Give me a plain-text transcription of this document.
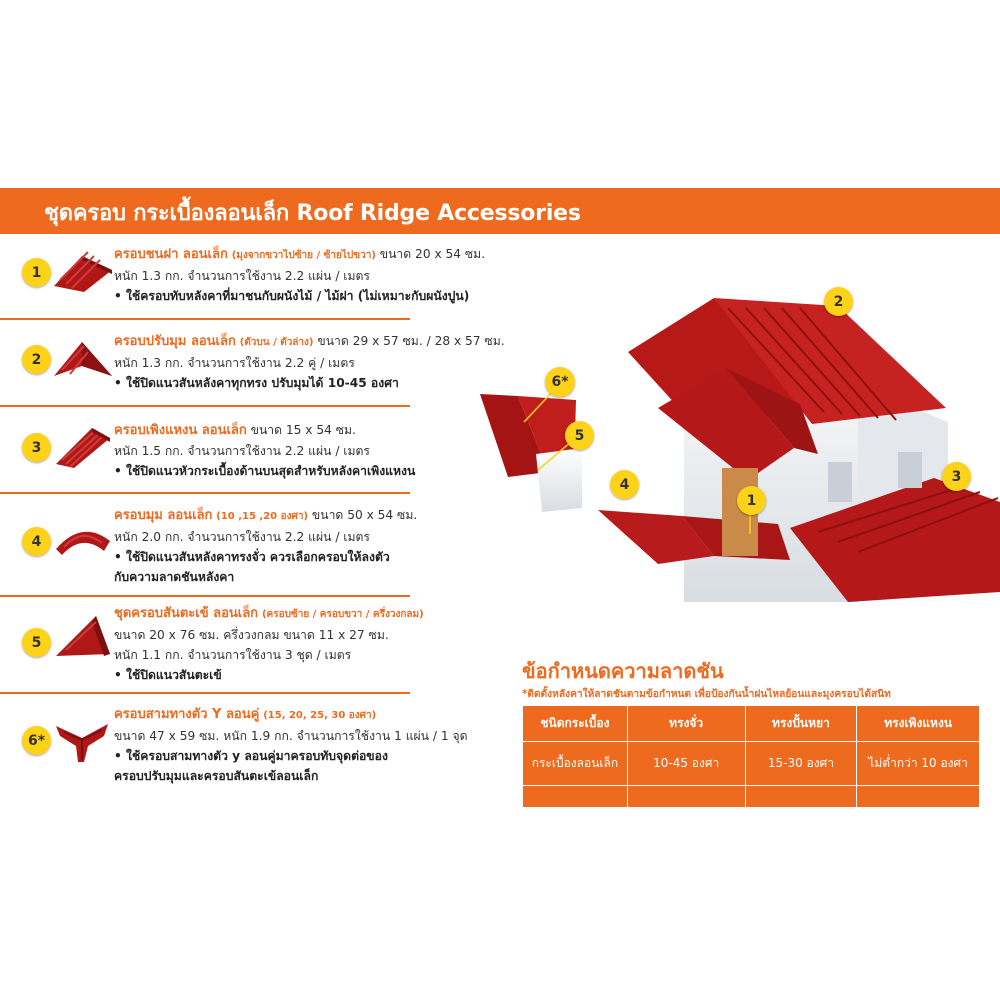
ชุดครอบ กระเบื้องลอนเล็ก Roof Ridge Accessories
1
ครอบชนฝา ลอนเล็ก (มุงจากขวาไปซ้าย / ซ้ายไปขวา) ขนาด 20 x 54 ซม.
หนัก 1.3 กก. จำนวนการใช้งาน 2.2 แผ่น / เมตร
• ใช้ครอบทับหลังคาที่มาชนกับผนังไม้ / ไม้ฝา (ไม่เหมาะกับผนังปูน)
2
ครอบปรับมุม ลอนเล็ก (ตัวบน / ตัวล่าง) ขนาด 29 x 57 ซม. / 28 x 57 ซม.
หนัก 1.3 กก. จำนวนการใช้งาน 2.2 คู่ / เมตร
• ใช้ปิดแนวสันหลังคาทุกทรง ปรับมุมได้ 10-45 องศา
3
ครอบเพิงแหงน ลอนเล็ก ขนาด 15 x 54 ซม.
หนัก 1.5 กก. จำนวนการใช้งาน 2.2 แผ่น / เมตร
• ใช้ปิดแนวหัวกระเบื้องด้านบนสุดสำหรับหลังคาเพิงแหงน
4
ครอบมุม ลอนเล็ก (10 ,15 ,20 องศา) ขนาด 50 x 54 ซม.
หนัก 2.0 กก. จำนวนการใช้งาน 2.2 แผ่น / เมตร
• ใช้ปิดแนวสันหลังคาทรงจั่ว ควรเลือกครอบให้ลงตัว
กับความลาดชันหลังคา
5
ชุดครอบสันตะเข้ ลอนเล็ก (ครอบซ้าย / ครอบขวา / ครึ่งวงกลม)
ขนาด 20 x 76 ซม. ครึ่งวงกลม ขนาด 11 x 27 ซม.
หนัก 1.1 กก. จำนวนการใช้งาน 3 ชุด / เมตร
• ใช้ปิดแนวสันตะเข้
6*
ครอบสามทางตัว Y ลอนคู่ (15, 20, 25, 30 องศา)
ขนาด 47 x 59 ซม. หนัก 1.9 กก. จำนวนการใช้งาน 1 แผ่น / 1 จุด
• ใช้ครอบสามทางตัว y ลอนคู่มาครอบทับจุดต่อของ
ครอบปรับมุมและครอบสันตะเข้ลอนเล็ก
2
6*
5
3
4
1
ข้อกำหนดความลาดชัน
*ติดตั้งหลังคาให้ลาดชันตามข้อกำหนด เพื่อป้องกันน้ำฝนไหลย้อนและมุงครอบได้สนิท
ชนิดกระเบื้อง	ทรงจั่ว	ทรงปั้นหยา	ทรงเพิงแหงน
กระเบื้องลอนเล็ก	10-45 องศา	15-30 องศา	ไม่ต่ำกว่า 10 องศา
